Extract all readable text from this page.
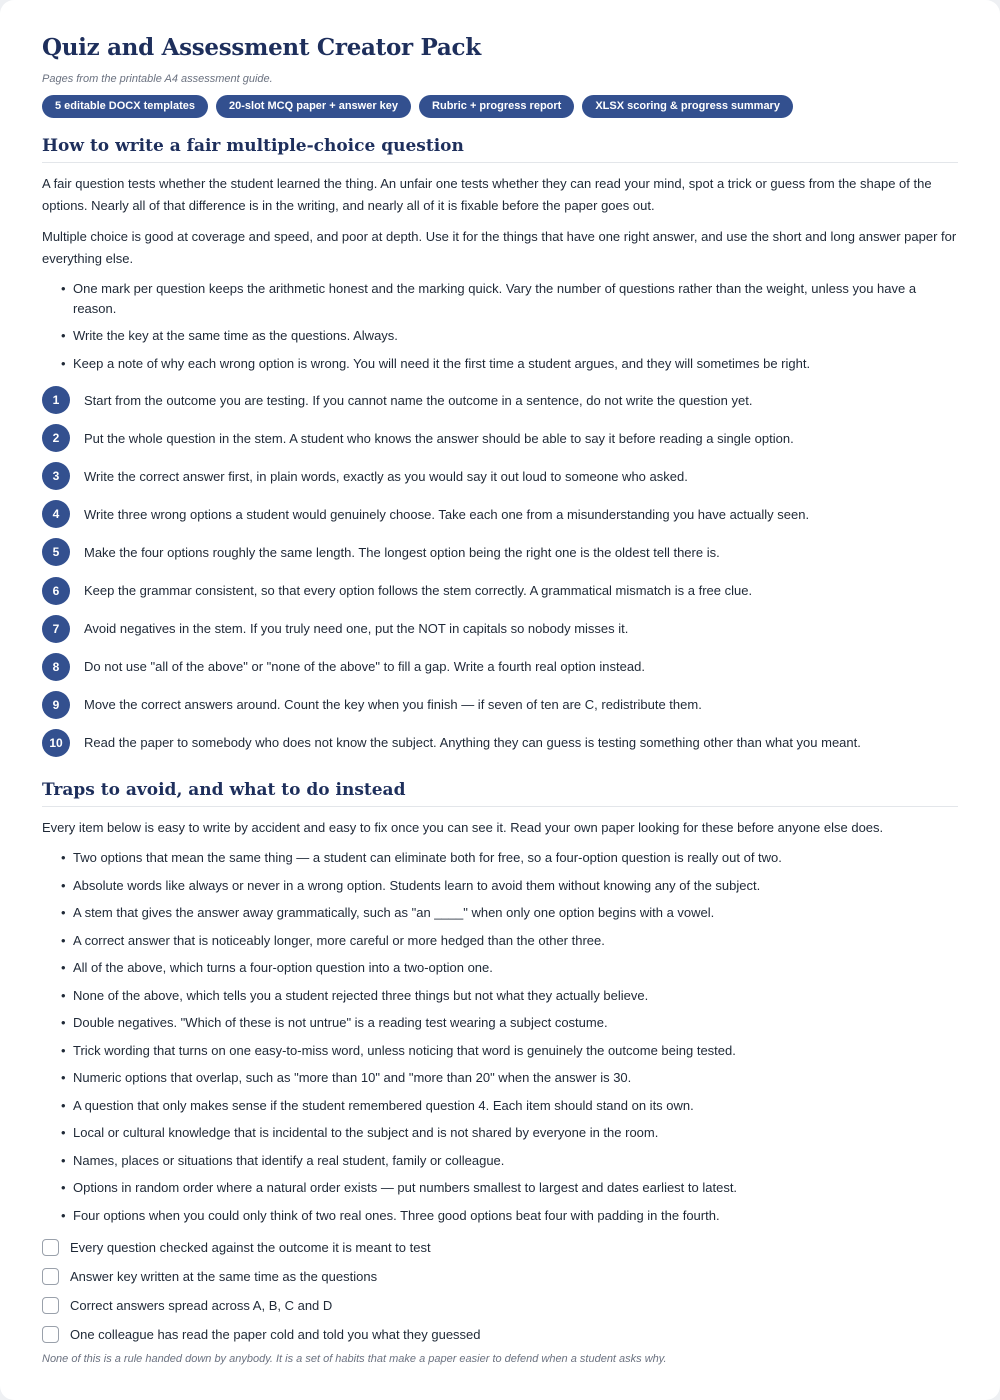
Quiz and Assessment Creator Pack
Pages from the printable A4 assessment guide.
5 editable DOCX templates	20-slot MCQ paper + answer key	Rubric + progress report	XLSX scoring & progress summary
How to write a fair multiple-choice question

A fair question tests whether the student learned the thing. An unfair one tests whether they can read your mind, spot a trick or guess from the shape of the options. Nearly all of that difference is in the writing, and nearly all of it is fixable before the paper goes out.

Multiple choice is good at coverage and speed, and poor at depth. Use it for the things that have one right answer, and use the short and long answer paper for everything else.

• One mark per question keeps the arithmetic honest and the marking quick. Vary the number of questions rather than the weight, unless you have a reason.
• Write the key at the same time as the questions. Always.
• Keep a note of why each wrong option is wrong. You will need it the first time a student argues, and they will sometimes be right.
1	Start from the outcome you are testing. If you cannot name the outcome in a sentence, do not write the question yet.
2	Put the whole question in the stem. A student who knows the answer should be able to say it before reading a single option.
3	Write the correct answer first, in plain words, exactly as you would say it out loud to someone who asked.
4	Write three wrong options a student would genuinely choose. Take each one from a misunderstanding you have actually seen.
5	Make the four options roughly the same length. The longest option being the right one is the oldest tell there is.
6	Keep the grammar consistent, so that every option follows the stem correctly. A grammatical mismatch is a free clue.
7	Avoid negatives in the stem. If you truly need one, put the NOT in capitals so nobody misses it.
8	Do not use "all of the above" or "none of the above" to fill a gap. Write a fourth real option instead.
9	Move the correct answers around. Count the key when you finish — if seven of ten are C, redistribute them.
10	Read the paper to somebody who does not know the subject. Anything they can guess is testing something other than what you meant.
Traps to avoid, and what to do instead

Every item below is easy to write by accident and easy to fix once you can see it. Read your own paper looking for these before anyone else does.

• Two options that mean the same thing — a student can eliminate both for free, so a four-option question is really out of two.
• Absolute words like always or never in a wrong option. Students learn to avoid them without knowing any of the subject.
• A stem that gives the answer away grammatically, such as "an ____" when only one option begins with a vowel.
• A correct answer that is noticeably longer, more careful or more hedged than the other three.
• All of the above, which turns a four-option question into a two-option one.
• None of the above, which tells you a student rejected three things but not what they actually believe.
• Double negatives. "Which of these is not untrue" is a reading test wearing a subject costume.
• Trick wording that turns on one easy-to-miss word, unless noticing that word is genuinely the outcome being tested.
• Numeric options that overlap, such as "more than 10" and "more than 20" when the answer is 30.
• A question that only makes sense if the student remembered question 4. Each item should stand on its own.
• Local or cultural knowledge that is incidental to the subject and is not shared by everyone in the room.
• Names, places or situations that identify a real student, family or colleague.
• Options in random order where a natural order exists — put numbers smallest to largest and dates earliest to latest.
• Four options when you could only think of two real ones. Three good options beat four with padding in the fourth.
Every question checked against the outcome it is meant to test
Answer key written at the same time as the questions
Correct answers spread across A, B, C and D
One colleague has read the paper cold and told you what they guessed
None of this is a rule handed down by anybody. It is a set of habits that make a paper easier to defend when a student asks why.
